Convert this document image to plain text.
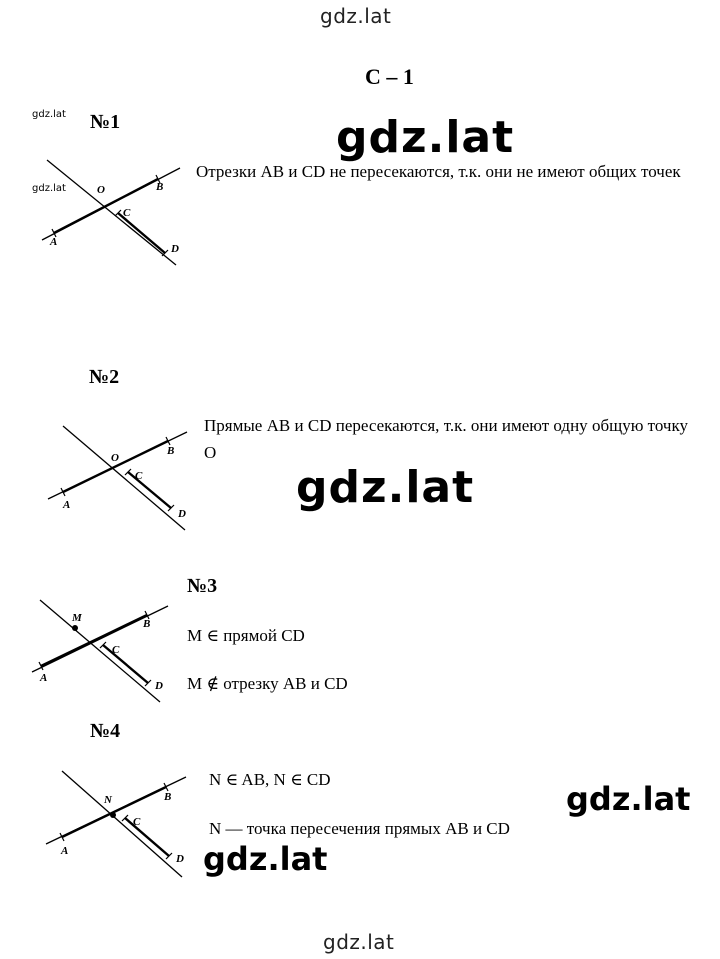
gdz.lat
С – 1
gdz.lat
gdz.lat
№1
A
B
C
D
O
Отрезки AB и CD не пересекаются, т.к. они не имеют общих точек
gdz.lat
№2
A
B
C
D
O
Прямые AB и CD пересекаются, т.к. они имеют одну общую точку O
gdz.lat
№3
A
B
C
D
M
M ∈ прямой CD
M ∉ отрезку AB и CD
№4
A
B
C
D
N
N ∈ AB, N ∈ CD
N — точка пересечения прямых AB и CD
gdz.lat
gdz.lat
gdz.lat
